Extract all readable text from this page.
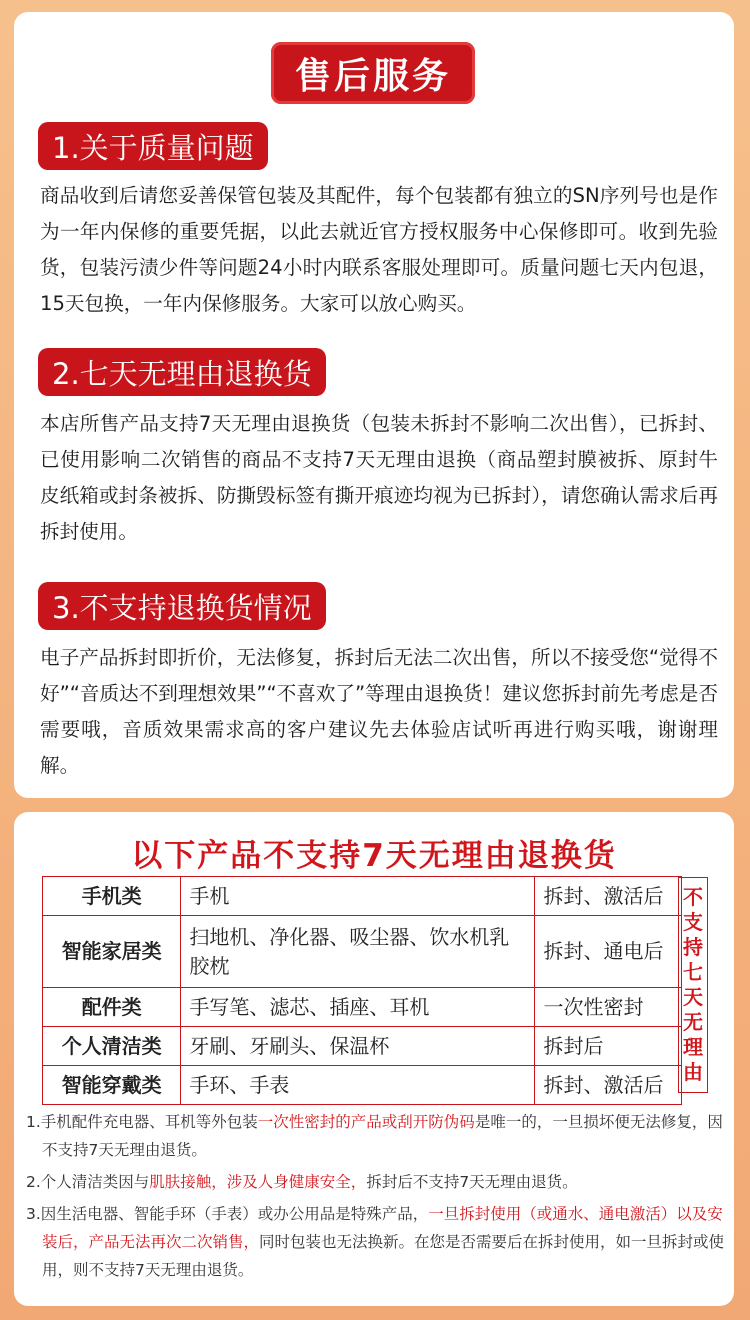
售后服务
1.关于质量问题

商品收到后请您妥善保管包装及其配件，每个包装都有独立的SN序列号也是作为一年内保修的重要凭据，以此去就近官方授权服务中心保修即可。收到先验货，包装污渍少件等问题24小时内联系客服处理即可。质量问题七天内包退，15天包换，一年内保修服务。大家可以放心购买。

2.七天无理由退换货

本店所售产品支持7天无理由退换货（包装未拆封不影响二次出售），已拆封、已使用影响二次销售的商品不支持7天无理由退换（商品塑封膜被拆、原封牛皮纸箱或封条被拆、防撕毁标签有撕开痕迹均视为已拆封），请您确认需求后再拆封使用。

3.不支持退换货情况

电子产品拆封即折价，无法修复，拆封后无法二次出售，所以不接受您“觉得不好”“音质达不到理想效果”“不喜欢了”等理由退换货！建议您拆封前先考虑是否需要哦，音质效果需求高的客户建议先去体验店试听再进行购买哦，谢谢理解。

以下产品不支持7天无理由退换货
手机类	手机	拆封、激活后
智能家居类	扫地机、净化器、吸尘器、饮水机乳胶枕	拆封、通电后
配件类	手写笔、滤芯、插座、耳机	一次性密封
个人清洁类	牙刷、牙刷头、保温杯	拆封后
智能穿戴类	手环、手表	拆封、激活后
不
支
持
七
天
无
理
由
1.手机配件充电器、耳机等外包装一次性密封的产品或刮开防伪码是唯一的，一旦损坏便无法修复，因不支持7天无理由退货。
2.个人清洁类因与肌肤接触，涉及人身健康安全，拆封后不支持7天无理由退货。
3.因生活电器、智能手环（手表）或办公用品是特殊产品，一旦拆封使用（或通水、通电激活）以及安装后，产品无法再次二次销售，同时包装也无法换新。在您是否需要后在拆封使用，如一旦拆封或使用，则不支持7天无理由退货。
